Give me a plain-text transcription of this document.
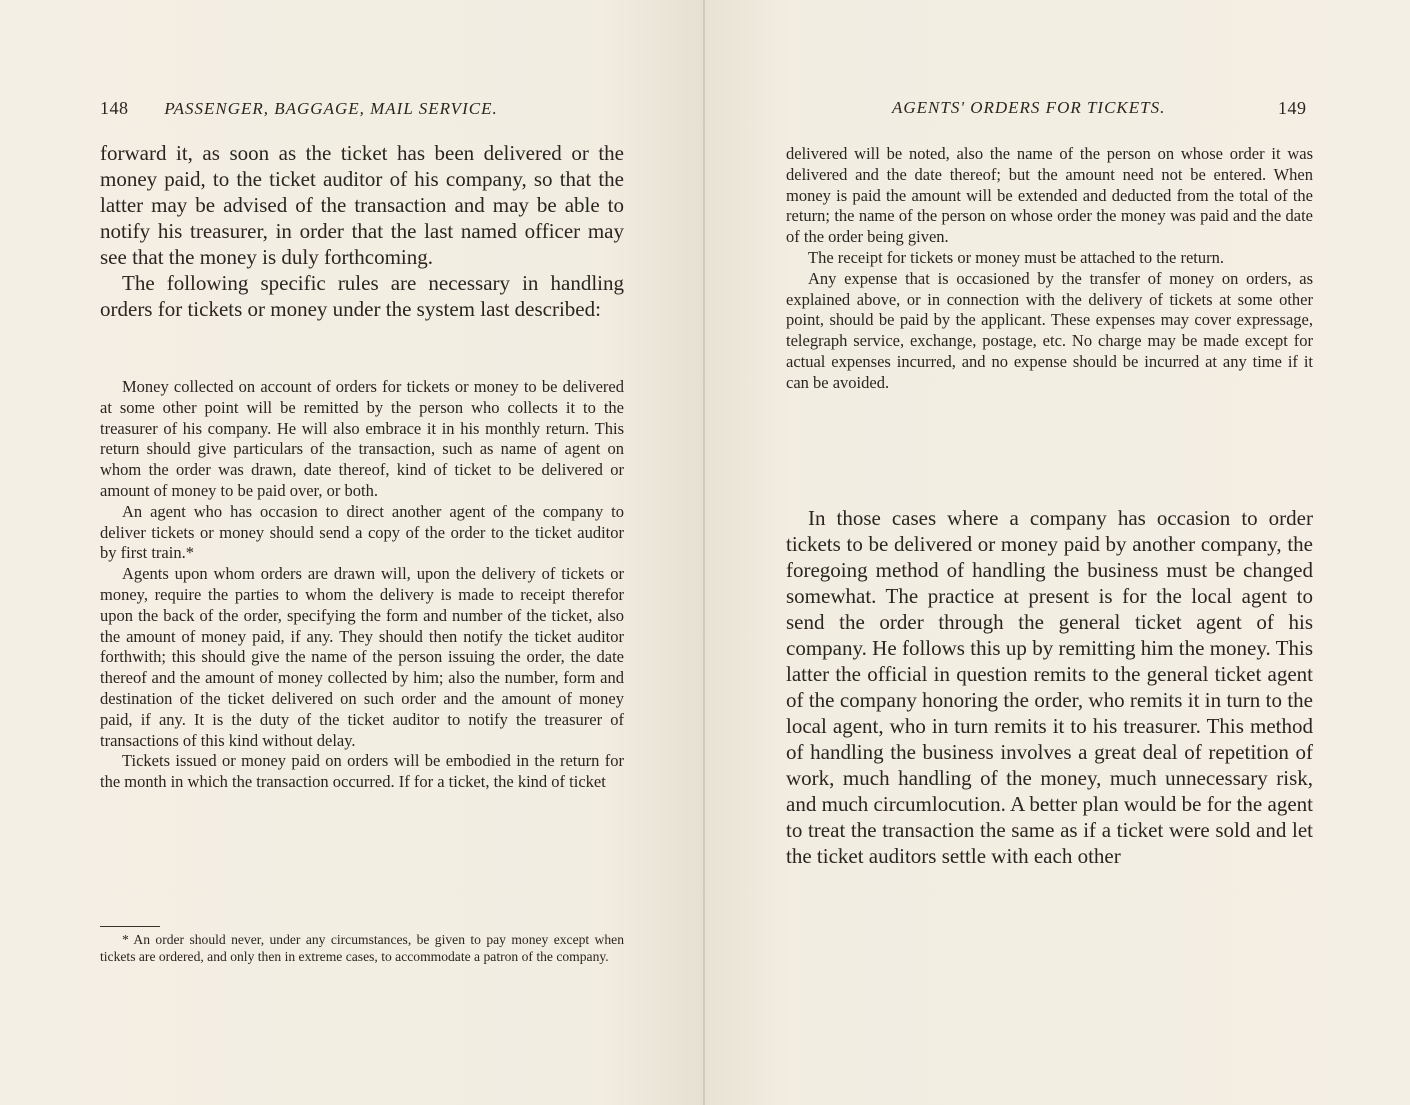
148 PASSENGER, BAGGAGE, MAIL SERVICE.

forward it, as soon as the ticket has been delivered or the money paid, to the ticket auditor of his company, so that the latter may be advised of the transaction and may be able to notify his treasurer, in order that the last named officer may see that the money is duly forthcoming.

The following specific rules are necessary in handling orders for tickets or money under the system last described:

Money collected on account of orders for tickets or money to be delivered at some other point will be remitted by the person who collects it to the treasurer of his company. He will also embrace it in his monthly return. This return should give particulars of the transaction, such as name of agent on whom the order was drawn, date thereof, kind of ticket to be delivered or amount of money to be paid over, or both.

An agent who has occasion to direct another agent of the company to deliver tickets or money should send a copy of the order to the ticket auditor by first train.*

Agents upon whom orders are drawn will, upon the delivery of tickets or money, require the parties to whom the delivery is made to receipt therefor upon the back of the order, specifying the form and number of the ticket, also the amount of money paid, if any. They should then notify the ticket auditor forthwith; this should give the name of the person issuing the order, the date thereof and the amount of money collected by him; also the number, form and destination of the ticket delivered on such order and the amount of money paid, if any. It is the duty of the ticket auditor to notify the treasurer of transactions of this kind without delay.

Tickets issued or money paid on orders will be embodied in the return for the month in which the transaction occurred. If for a ticket, the kind of ticket

* An order should never, under any circumstances, be given to pay money except when tickets are ordered, and only then in extreme cases, to accommodate a patron of the company.

AGENTS' ORDERS FOR TICKETS.	149

delivered will be noted, also the name of the person on whose order it was delivered and the date thereof; but the amount need not be entered. When money is paid the amount will be extended and deducted from the total of the return; the name of the person on whose order the money was paid and the date of the order being given.

The receipt for tickets or money must be attached to the return.

Any expense that is occasioned by the transfer of money on orders, as explained above, or in connection with the delivery of tickets at some other point, should be paid by the applicant. These expenses may cover expressage, telegraph service, exchange, postage, etc. No charge may be made except for actual expenses incurred, and no expense should be incurred at any time if it can be avoided.

In those cases where a company has occasion to order tickets to be delivered or money paid by another company, the foregoing method of handling the business must be changed somewhat. The practice at present is for the local agent to send the order through the general ticket agent of his company. He follows this up by remitting him the money. This latter the official in question remits to the general ticket agent of the company honoring the order, who remits it in turn to the local agent, who in turn remits it to his treasurer. This method of handling the business involves a great deal of repetition of work, much handling of the money, much unnecessary risk, and much circumlocution. A better plan would be for the agent to treat the transaction the same as if a ticket were sold and let the ticket auditors settle with each other
